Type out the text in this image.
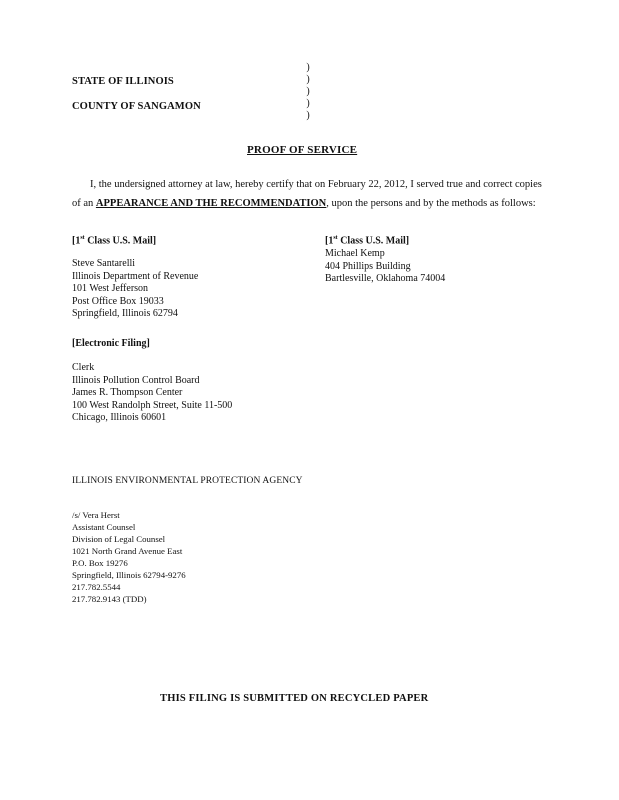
STATE OF ILLINOIS
COUNTY OF SANGAMON
)
)
)
)
)
PROOF OF SERVICE
I, the undersigned attorney at law, hereby certify that on February 22, 2012, I served true and correct copies of an APPEARANCE AND THE RECOMMENDATION, upon the persons and by the methods as follows:
[1st Class U.S. Mail]
Steve Santarelli
Illinois Department of Revenue
101 West Jefferson
Post Office Box 19033
Springfield, Illinois 62794
[1st Class U.S. Mail]
Michael Kemp
404 Phillips Building
Bartlesville, Oklahoma 74004
[Electronic Filing]
Clerk
Illinois Pollution Control Board
James R. Thompson Center
100 West Randolph Street, Suite 11-500
Chicago, Illinois 60601
ILLINOIS ENVIRONMENTAL PROTECTION AGENCY
/s/ Vera Herst
Assistant Counsel
Division of Legal Counsel
1021 North Grand Avenue East
P.O. Box 19276
Springfield, Illinois 62794-9276
217.782.5544
217.782.9143 (TDD)
THIS FILING IS SUBMITTED ON RECYCLED PAPER
